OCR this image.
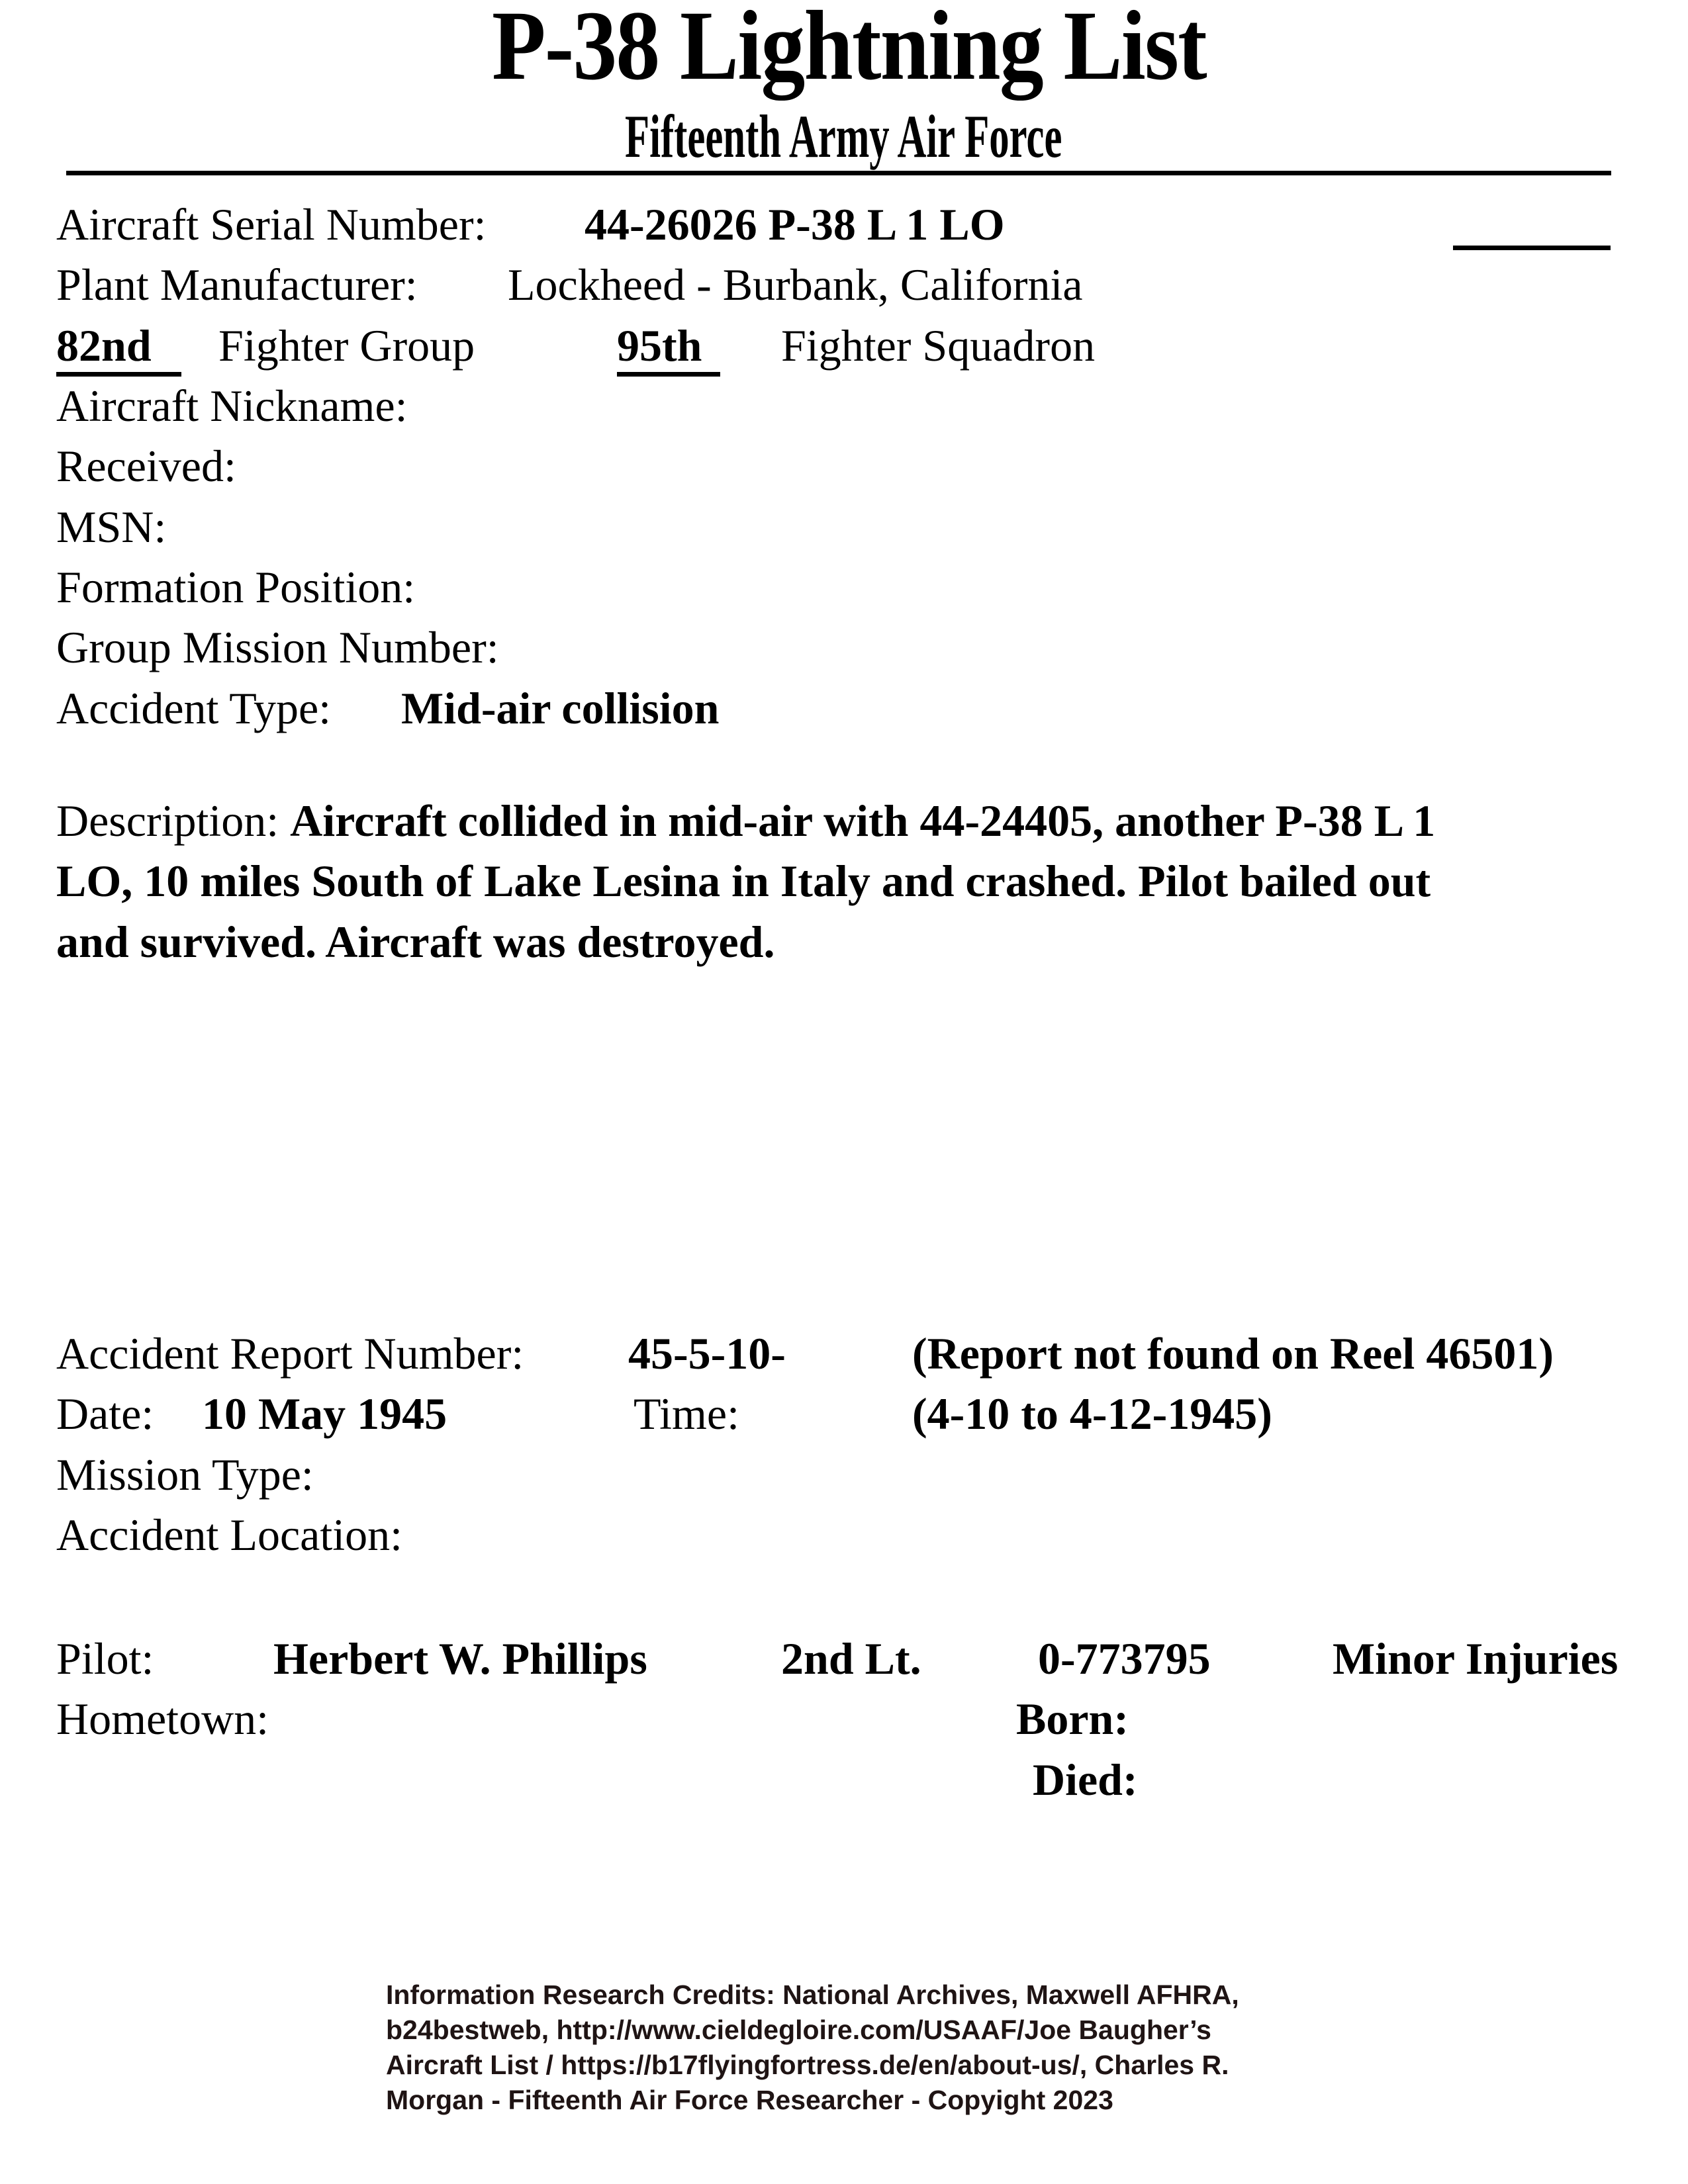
P-38 Lightning List
Fifteenth Army Air Force
Aircraft Serial Number: 44-26026 P-38 L 1 LO
Plant Manufacturer: Lockheed - Burbank, California
82nd	Fighter Group	95th	Fighter Squadron
Aircraft Nickname:
Received:
MSN:
Formation Position:
Group Mission Number:
Accident Type: Mid-air collision
Description: Aircraft collided in mid-air with 44-24405, another P-38 L 1
LO, 10 miles South of Lake Lesina in Italy and crashed. Pilot bailed out
and survived. Aircraft was destroyed.
Accident Report Number: 45-5-10-	(Report not found on Reel 46501)
Date: 10 May 1945	Time:	(4-10 to 4-12-1945)
Mission Type:
Accident Location:
Pilot:	Herbert W. Phillips	2nd Lt.	0-773795	Minor Injuries
Hometown:	Born:
Died:
Information Research Credits: National Archives, Maxwell AFHRA,
b24bestweb, http://www.cieldegloire.com/USAAF/Joe Baugher’s
Aircraft List / https://b17flyingfortress.de/en/about-us/, Charles R.
Morgan - Fifteenth Air Force Researcher - Copyight 2023
